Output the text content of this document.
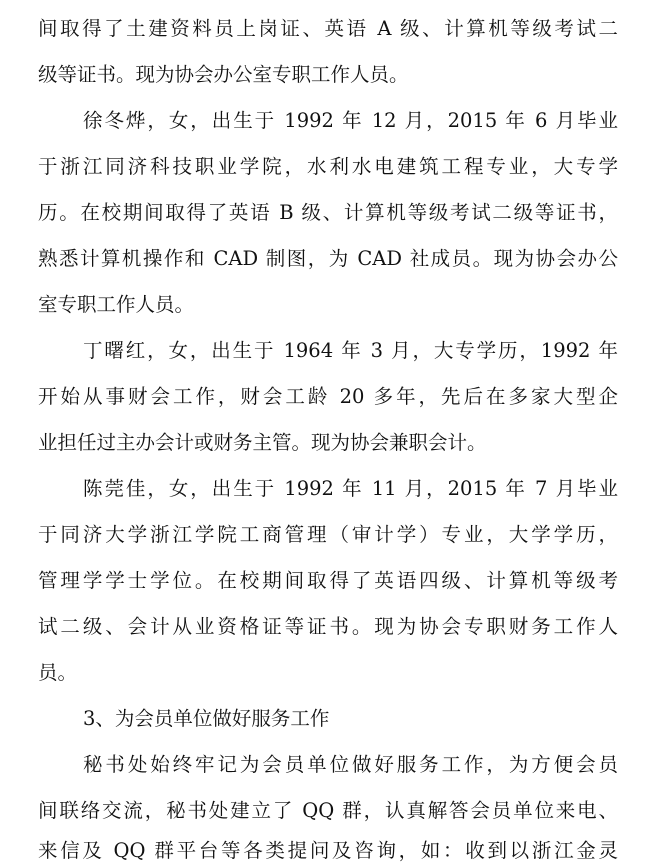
间取得了土建资料员上岗证、英语 A 级、计算机等级考试二
级等证书。现为协会办公室专职工作人员。
徐冬烨，女，出生于 1992 年 12 月，2015 年 6 月毕业
于浙江同济科技职业学院，水利水电建筑工程专业，大专学
历。在校期间取得了英语 B 级、计算机等级考试二级等证书，
熟悉计算机操作和 CAD 制图，为 CAD 社成员。现为协会办公
室专职工作人员。
丁曙红，女，出生于 1964 年 3 月，大专学历，1992 年
开始从事财会工作，财会工龄 20 多年，先后在多家大型企
业担任过主办会计或财务主管。现为协会兼职会计。
陈莞佳，女，出生于 1992 年 11 月，2015 年 7 月毕业
于同济大学浙江学院工商管理（审计学）专业，大学学历，
管理学学士学位。在校期间取得了英语四级、计算机等级考
试二级、会计从业资格证等证书。现为协会专职财务工作人
员。
3、为会员单位做好服务工作
秘书处始终牢记为会员单位做好服务工作，为方便会员
间联络交流，秘书处建立了 QQ 群，认真解答会员单位来电、
来信及 QQ 群平台等各类提问及咨询，如：收到以浙江金灵
